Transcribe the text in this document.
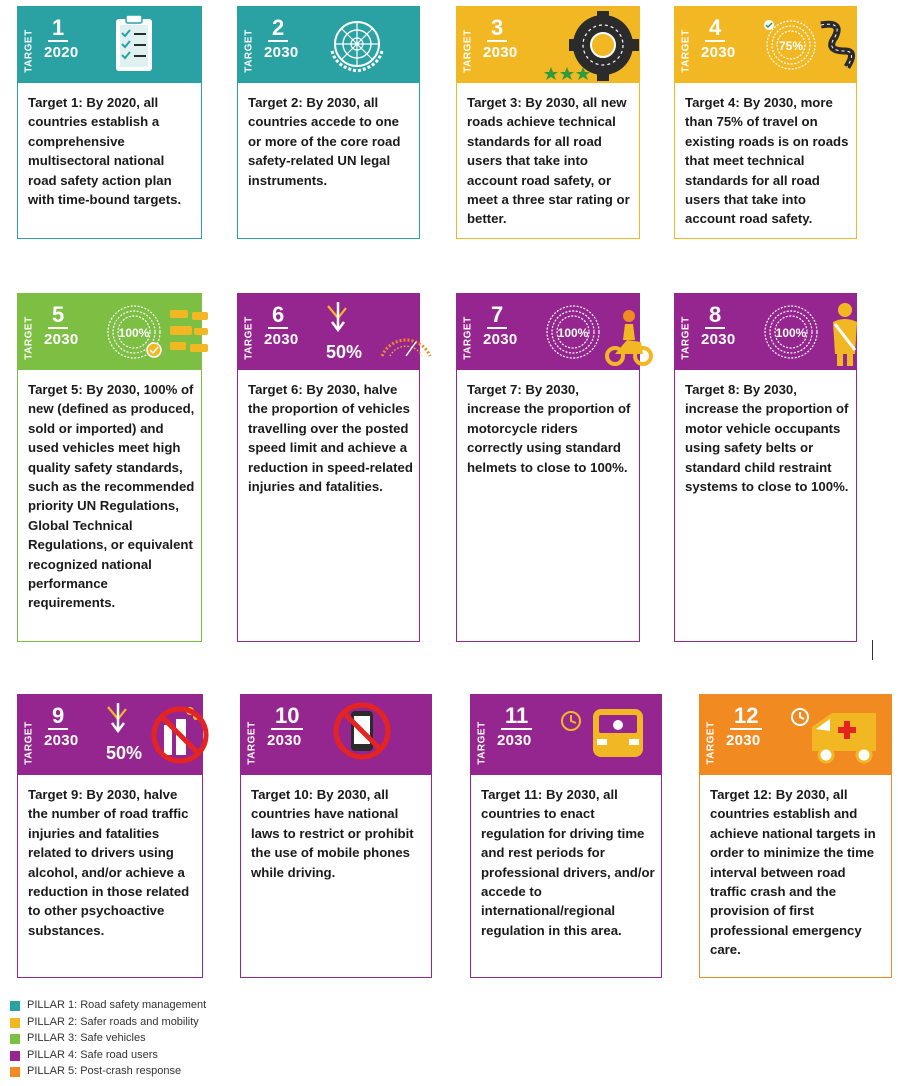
TARGET
1
2020
Target 1: By 2020, all countries establish a comprehensive multisectoral national road safety action plan with time-bound targets.
TARGET
2
2030
Target 2: By 2030, all countries accede to one or more of the core road safety-related UN legal instruments.
TARGET
3
2030
Target 3: By 2030, all new roads achieve technical standards for all road users that take into account road safety, or meet a three star rating or better.
TARGET
4
2030	75%
Target 4: By 2030, more than 75% of travel on existing roads is on roads that meet technical standards for all road users that take into account road safety.
TARGET
5
2030	100%
Target 5: By 2030, 100% of new (defined as produced, sold or imported) and used vehicles meet high quality safety standards, such as the recommended priority UN Regulations, Global Technical Regulations, or equivalent recognized national performance requirements.
TARGET
6
2030
50%
Target 6: By 2030, halve the proportion of vehicles travelling over the posted speed limit and achieve a reduction in speed-related injuries and fatalities.
TARGET
7
2030	100%
Target 7: By 2030, increase the proportion of motorcycle riders correctly using standard helmets to close to 100%.
TARGET
8
2030	100%
Target 8: By 2030, increase the proportion of motor vehicle occupants using safety belts or standard child restraint systems to close to 100%.
TARGET
9
2030
50%
Target 9: By 2030, halve the number of road traffic injuries and fatalities related to drivers using alcohol, and/or achieve a reduction in those related to other psychoactive substances.
TARGET
10
2030
Target 10: By 2030, all countries have national laws to restrict or prohibit the use of mobile phones while driving.
TARGET
11
2030
Target 11: By 2030, all countries to enact regulation for driving time and rest periods for professional drivers, and/or accede to international/regional regulation in this area.
TARGET
12
2030
Target 12: By 2030, all countries establish and achieve national targets in order to minimize the time interval between road traffic crash and the provision of first professional emergency care.
PILLAR 1: Road safety management
PILLAR 2: Safer roads and mobility
PILLAR 3: Safe vehicles
PILLAR 4: Safe road users
PILLAR 5: Post-crash response
